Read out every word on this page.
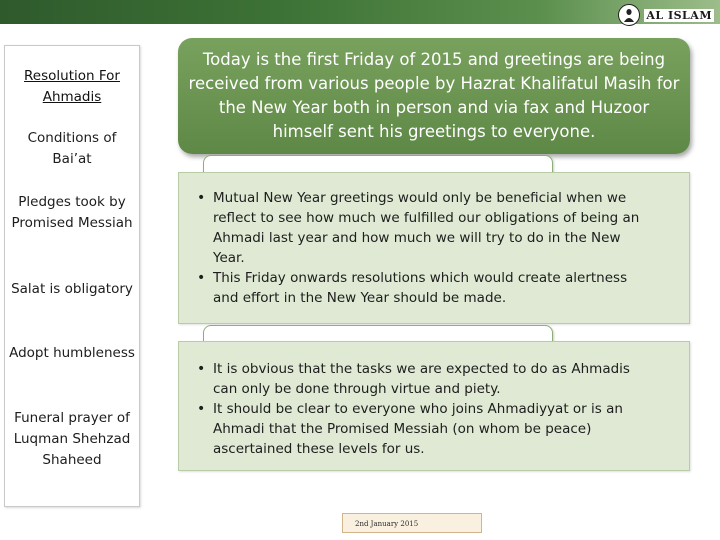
AL ISLAM
Resolution For Ahmadis
Conditions of Bai’at
Pledges took by Promised Messiah
Salat is obligatory
Adopt humbleness
Funeral prayer of Luqman Shehzad Shaheed
Today is the first Friday of 2015 and greetings are being received from various people by Hazrat Khalifatul Masih for the New Year both in person and via fax and Huzoor himself sent his greetings to everyone.
• Mutual New Year greetings would only be beneficial when we reflect to see how much we fulfilled our obligations of being an Ahmadi last year and how much we will try to do in the New Year.
• This Friday onwards resolutions which would create alertness and effort in the New Year should be made.
• It is obvious that the tasks we are expected to do as Ahmadis can only be done through virtue and piety.
• It should be clear to everyone who joins Ahmadiyyat or is an Ahmadi that the Promised Messiah (on whom be peace) ascertained these levels for us.
2nd January 2015
